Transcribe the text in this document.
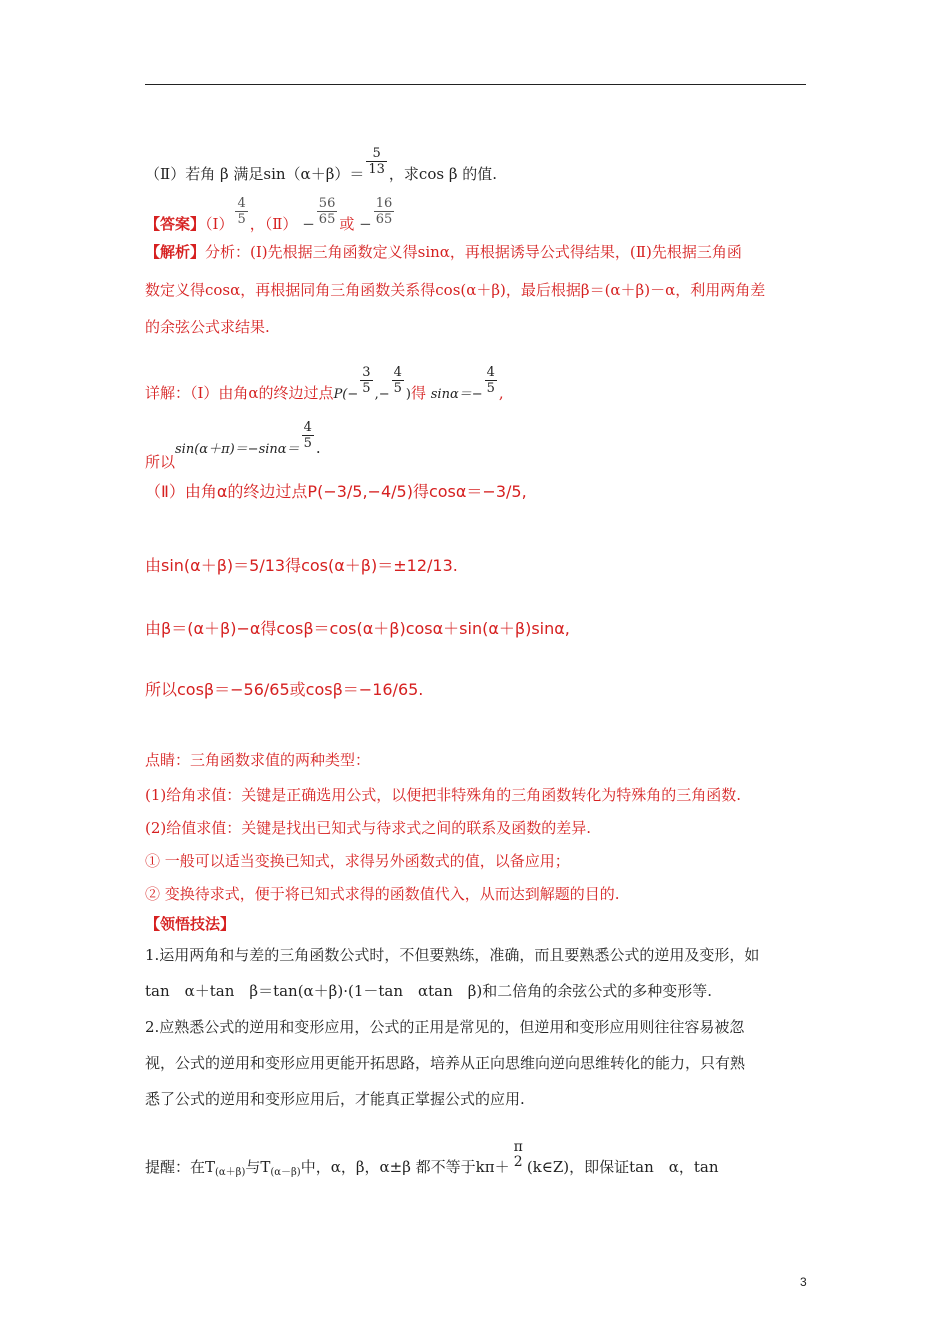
（Ⅱ）若角 β 满足$\sin(\alpha+\beta)= \frac{5}{13}$ ，求cos β 的值.
【答案】（Ⅰ） $\frac{4}{5}$ ，（Ⅱ） − $\frac{56}{65}$ 或 − $\frac{16}{65}$
【解析】分析：(Ⅰ)先根据三角函数定义得sinα，再根据诱导公式得结果，(Ⅱ)先根据三角函
数定义得cosα，再根据同角三角函数关系得cos(α＋β)，最后根据β＝(α＋β)－α，利用两角差
的余弦公式求结果.
详解：（Ⅰ）由角α的终边过点$P(- \frac{3}{5}$ ,− $\frac{4}{5}$ )得 $\sin\alpha=- \frac{4}{5}$ ,
所以$\sin(\alpha+\pi)=-\sin\alpha= \frac{4}{5}$ .
（Ⅱ）由角α的终边过点P(−3/5,−4/5)得cosα＝−3/5,
由sin(α＋β)＝5/13得cos(α＋β)＝±12/13.
由β＝(α＋β)−α得cosβ＝cos(α＋β)cosα＋sin(α＋β)sinα,
所以cosβ＝−56/65或cosβ＝−16/65.
点睛：三角函数求值的两种类型：
(1)给角求值：关键是正确选用公式，以便把非特殊角的三角函数转化为特殊角的三角函数.
(2)给值求值：关键是找出已知式与待求式之间的联系及函数的差异.
① 一般可以适当变换已知式，求得另外函数式的值，以备应用；
② 变换待求式，便于将已知式求得的函数值代入，从而达到解题的目的.
【领悟技法】
1.运用两角和与差的三角函数公式时，不但要熟练，准确，而且要熟悉公式的逆用及变形，如
tan　α＋tan　β＝tan(α＋β)·(1－tan　αtan　β)和二倍角的余弦公式的多种变形等.
2.应熟悉公式的逆用和变形应用，公式的正用是常见的，但逆用和变形应用则往往容易被忽
视，公式的逆用和变形应用更能开拓思路，培养从正向思维向逆向思维转化的能力，只有熟
悉了公式的逆用和变形应用后，才能真正掌握公式的应用.
提醒：在$T_{(\alpha+\beta)}$与$T_{(\alpha-\beta)}$中，α，β，α±β 都不等于kπ＋
π
2 (k∈Z)，即保证tan　α，tan
3
